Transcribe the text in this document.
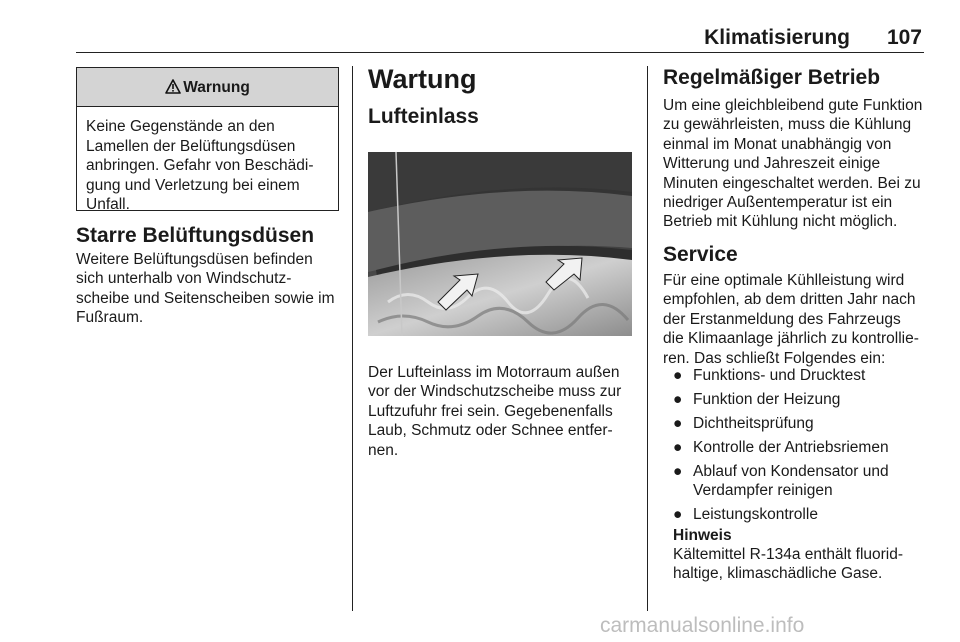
Klimatisierung	107
Warnung
Keine Gegenstände an den
Lamellen der Belüftungsdüsen
anbringen. Gefahr von Beschädi-
gung und Verletzung bei einem
Unfall.
Starre Belüftungsdüsen
Weitere Belüftungsdüsen befinden
sich unterhalb von Windschutz-
scheibe und Seitenscheiben sowie im
Fußraum.
Wartung
Lufteinlass
Der Lufteinlass im Motorraum außen
vor der Windschutzscheibe muss zur
Luftzufuhr frei sein. Gegebenenfalls
Laub, Schmutz oder Schnee entfer-
nen.
Regelmäßiger Betrieb
Um eine gleichbleibend gute Funktion
zu gewährleisten, muss die Kühlung
einmal im Monat unabhängig von
Witterung und Jahreszeit einige
Minuten eingeschaltet werden. Bei zu
niedriger Außentemperatur ist ein
Betrieb mit Kühlung nicht möglich.
Service
Für eine optimale Kühlleistung wird
empfohlen, ab dem dritten Jahr nach
der Erstanmeldung des Fahrzeugs
die Klimaanlage jährlich zu kontrollie-
ren. Das schließt Folgendes ein:
● Funktions- und Drucktest
● Funktion der Heizung
● Dichtheitsprüfung
● Kontrolle der Antriebsriemen
● Ablauf von Kondensator und
Verdampfer reinigen
● Leistungskontrolle
Hinweis
Kältemittel R-134a enthält fluorid-
haltige, klimaschädliche Gase.
carmanualsonline.info
